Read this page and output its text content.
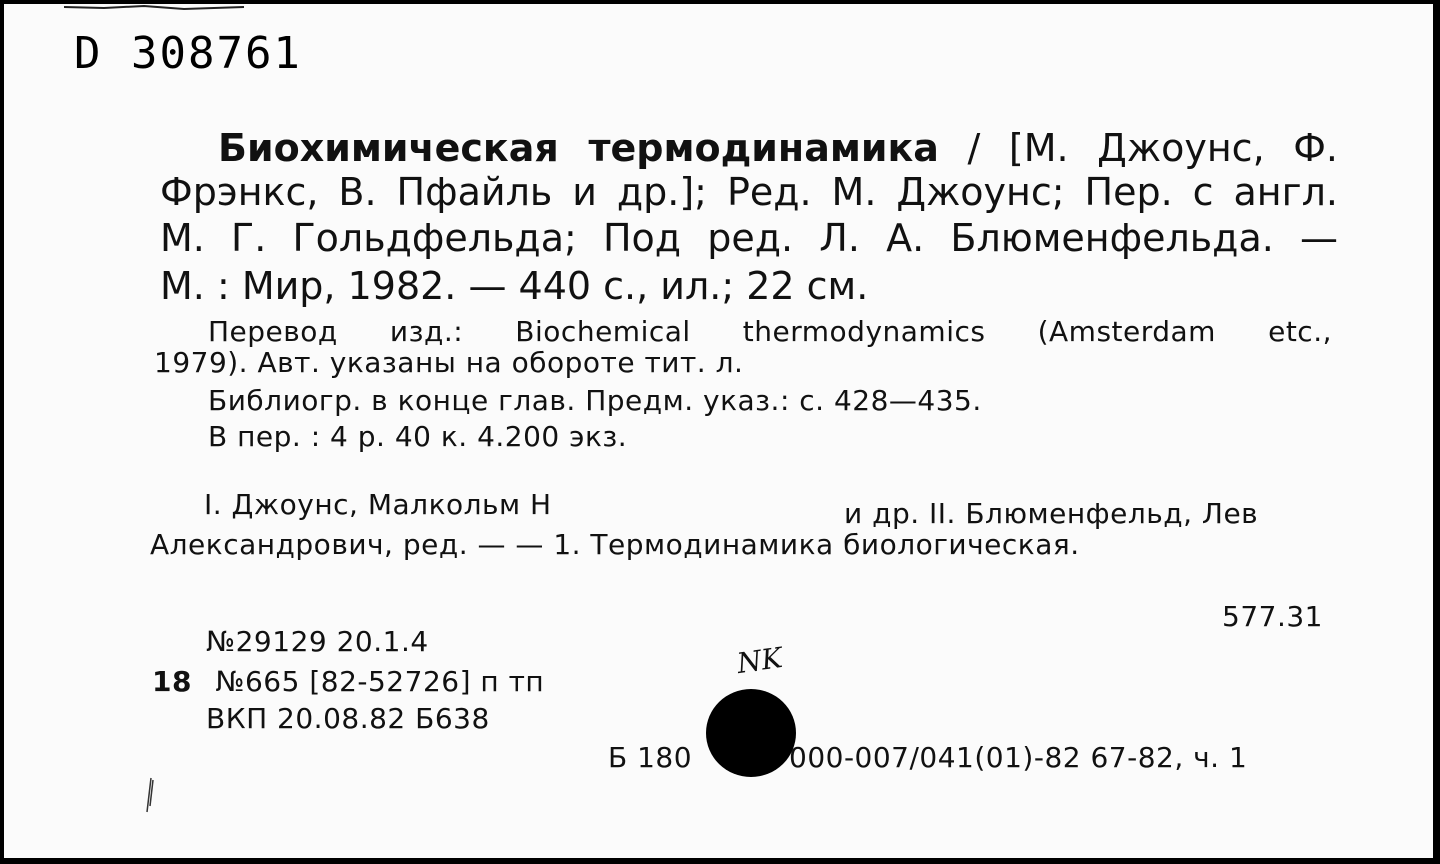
D 308761
Биохимическая термодинамика / [М. Джоунс, Ф.
Фрэнкс, В. Пфайль и др.]; Ред. М. Джоунс; Пер. с англ.
М. Г. Гольдфельда; Под ред. Л. А. Блюменфельда. —
М. : Мир, 1982. — 440 с., ил.; 22 см.
Перевод изд.: Biochemical thermodynamics (Amsterdam etc.,
1979). Авт. указаны на обороте тит. л.
Библиогр. в конце глав. Предм. указ.: с. 428—435.
В пер. : 4 р. 40 к. 4.200 экз.
I. Джоунс, Малкольм Н	и др. II. Блюменфельд, Лев
Александрович, ред. — — 1. Термодинамика биологическая.
577.31
№29129 20.1.4
18 №665 [82-52726] п тп
ВКП 20.08.82 Б638
Б 180	000-007/041(01)-82 67-82, ч. 1
NK
